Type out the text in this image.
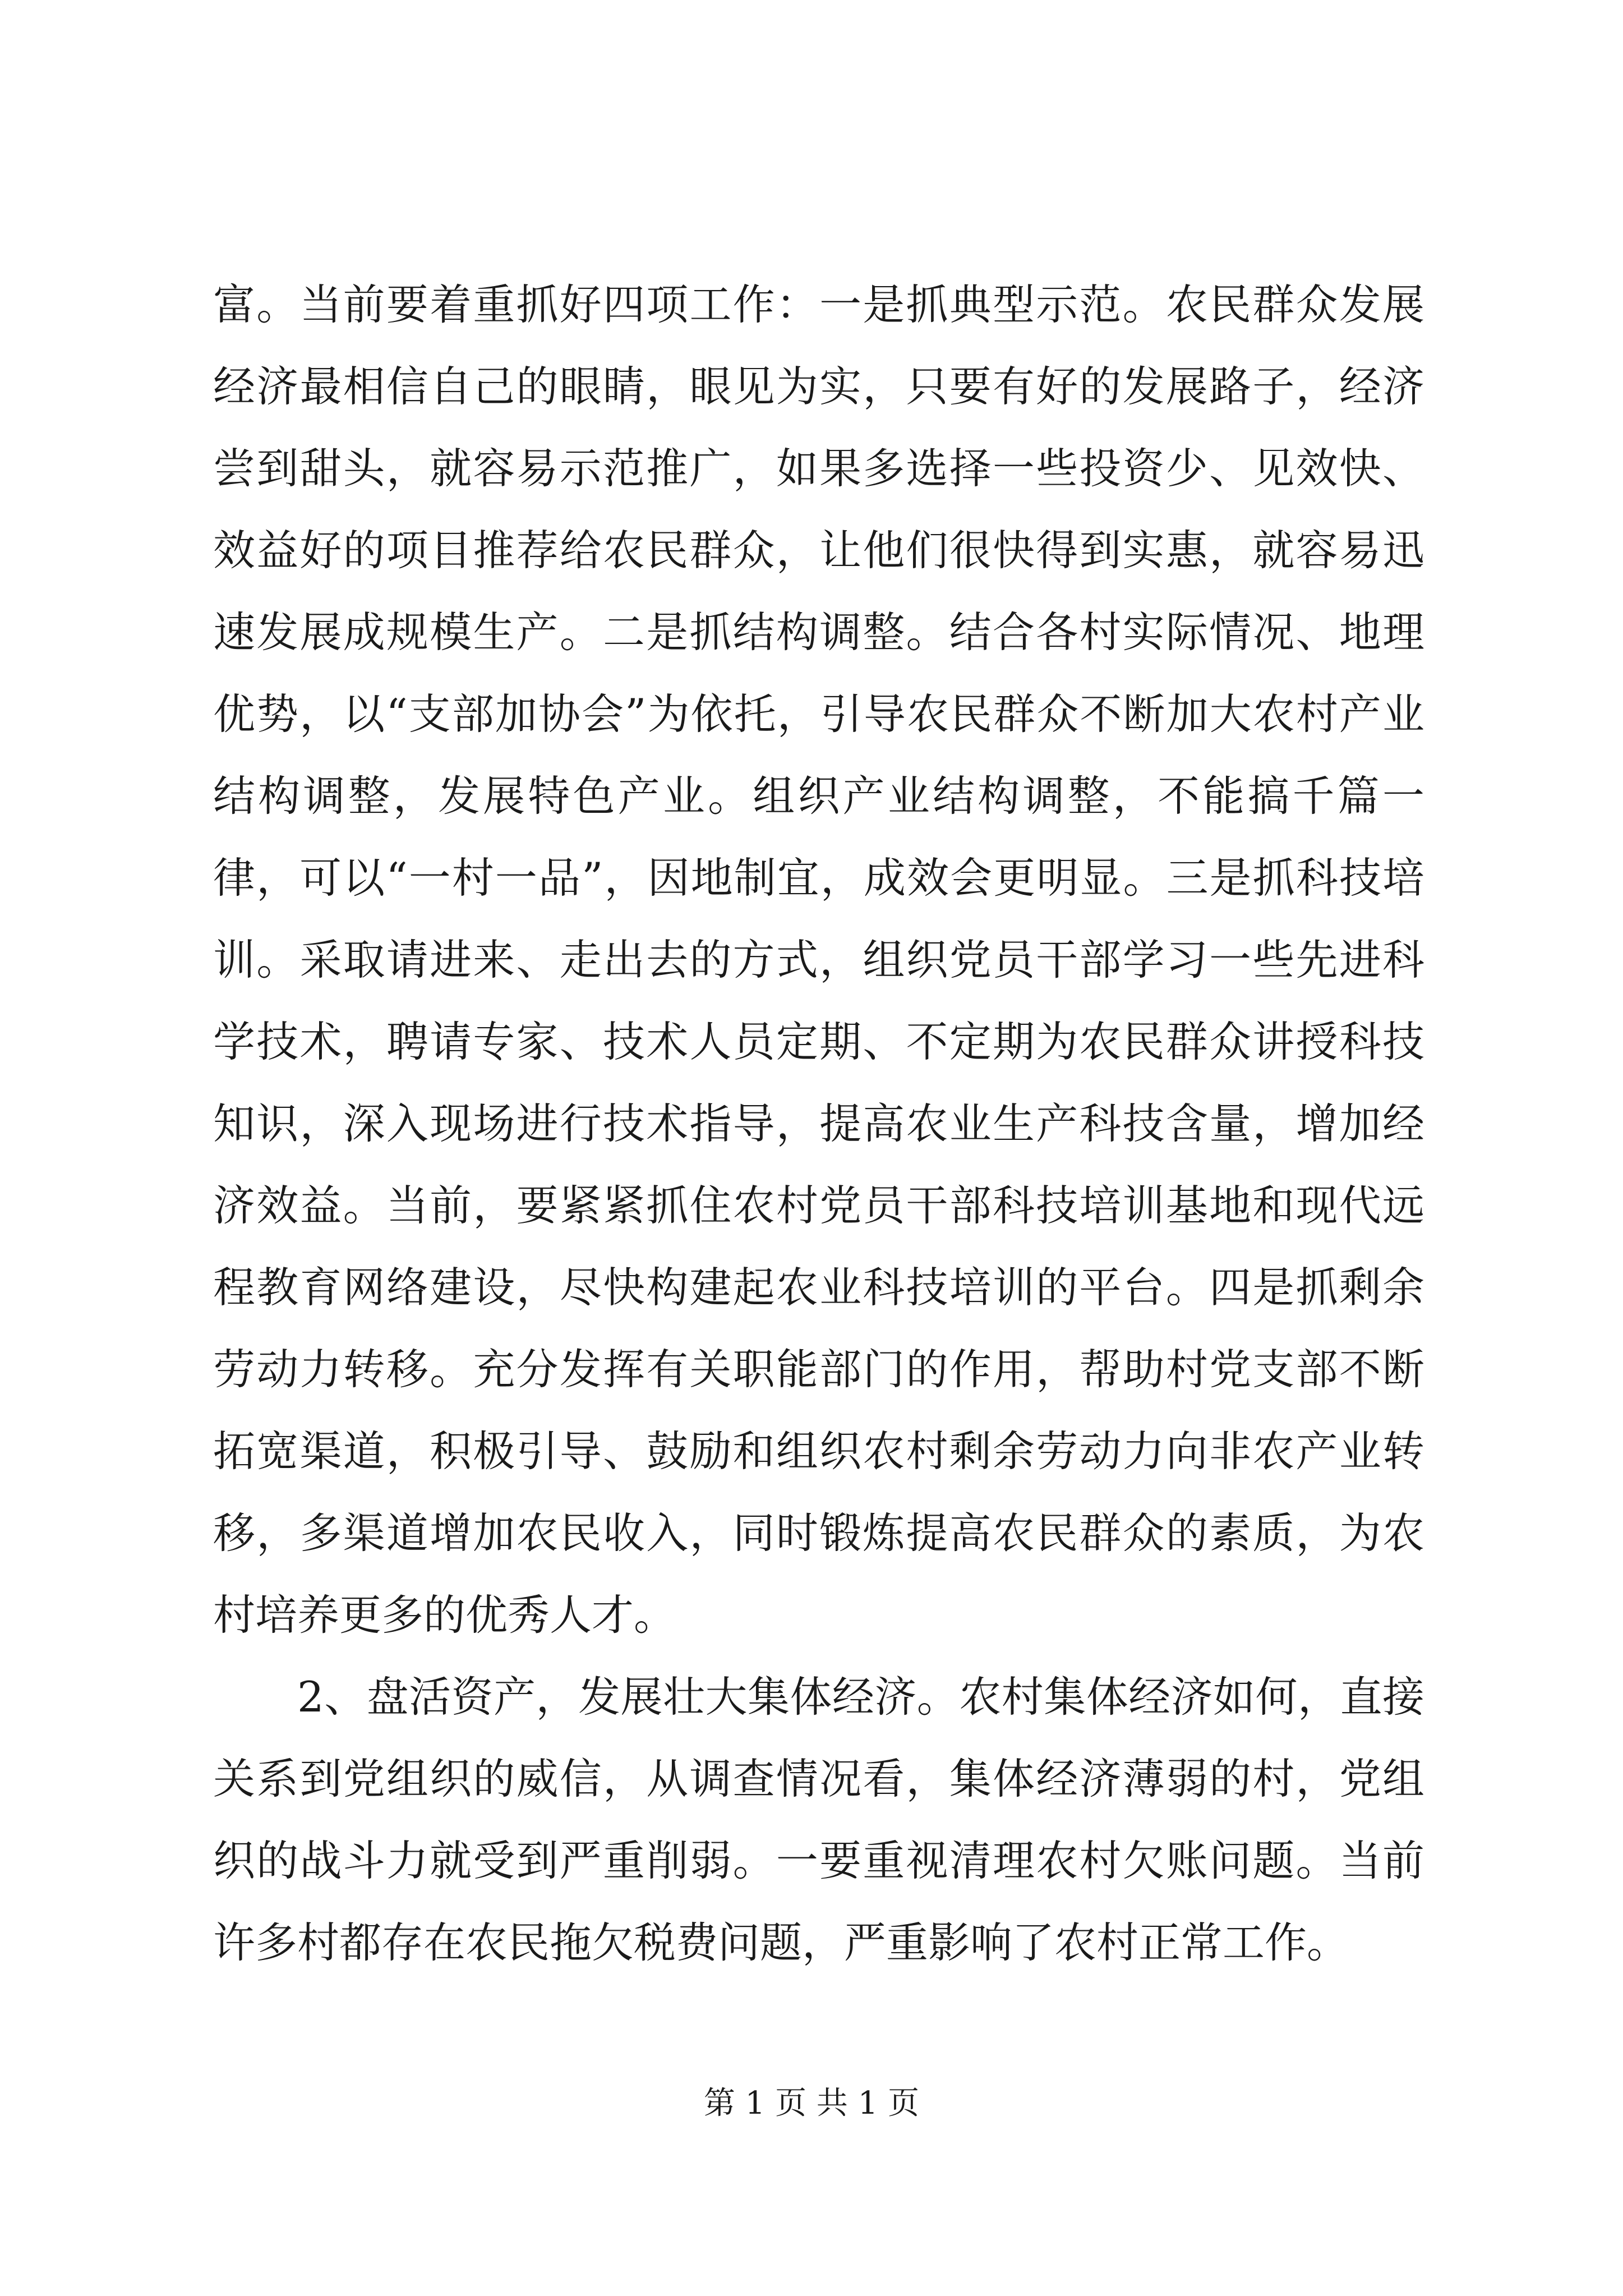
富。当前要着重抓好四项工作：一是抓典型示范。农民群众发展经济最相信自己的眼睛，眼见为实，只要有好的发展路子，经济尝到甜头，就容易示范推广，如果多选择一些投资少、见效快、效益好的项目推荐给农民群众，让他们很快得到实惠，就容易迅速发展成规模生产。二是抓结构调整。结合各村实际情况、地理优势，以“支部加协会”为依托，引导农民群众不断加大农村产业结构调整，发展特色产业。组织产业结构调整，不能搞千篇一律，可以“一村一品”，因地制宜，成效会更明显。三是抓科技培训。采取请进来、走出去的方式，组织党员干部学习一些先进科学技术，聘请专家、技术人员定期、不定期为农民群众讲授科技知识，深入现场进行技术指导，提高农业生产科技含量，增加经济效益。当前，要紧紧抓住农村党员干部科技培训基地和现代远程教育网络建设，尽快构建起农业科技培训的平台。四是抓剩余劳动力转移。充分发挥有关职能部门的作用，帮助村党支部不断拓宽渠道，积极引导、鼓励和组织农村剩余劳动力向非农产业转移，多渠道增加农民收入，同时锻炼提高农民群众的素质，为农村培养更多的优秀人才。

2、盘活资产，发展壮大集体经济。农村集体经济如何，直接关系到党组织的威信，从调查情况看，集体经济薄弱的村，党组织的战斗力就受到严重削弱。一要重视清理农村欠账问题。当前许多村都存在农民拖欠税费问题，严重影响了农村正常工作。

第 1 页 共 1 页
